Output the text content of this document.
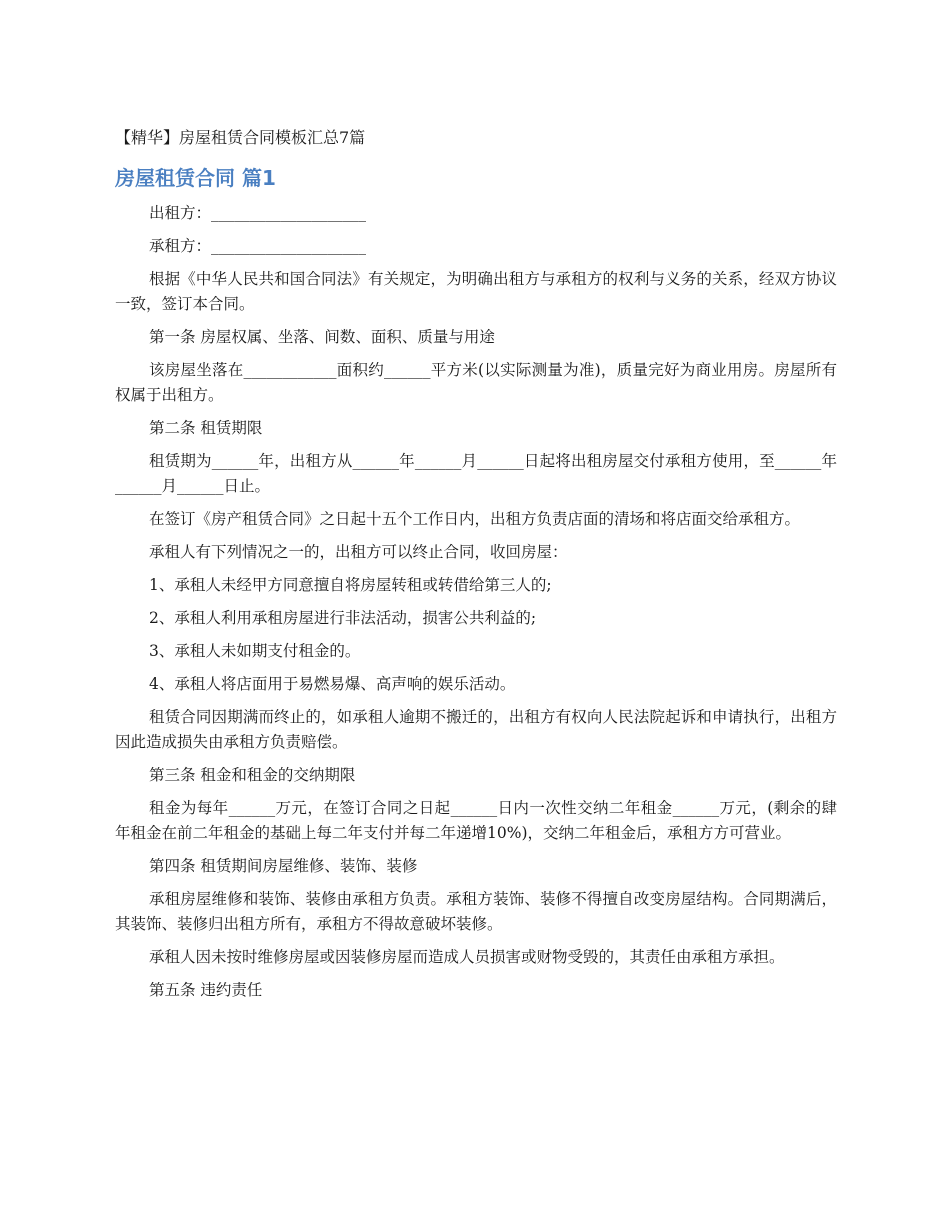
【精华】房屋租赁合同模板汇总7篇
房屋租赁合同 篇1

出租方：____________________

承租方：____________________

根据《中华人民共和国合同法》有关规定，为明确出租方与承租方的权利与义务的关系，经双方协议一致，签订本合同。

第一条 房屋权属、坐落、间数、面积、质量与用途

该房屋坐落在____________面积约______平方米(以实际测量为准)，质量完好为商业用房。房屋所有权属于出租方。

第二条 租赁期限

租赁期为______年，出租方从______年______月______日起将出租房屋交付承租方使用，至______年______月______日止。

在签订《房产租赁合同》之日起十五个工作日内，出租方负责店面的清场和将店面交给承租方。

承租人有下列情况之一的，出租方可以终止合同，收回房屋：

1、承租人未经甲方同意擅自将房屋转租或转借给第三人的;

2、承租人利用承租房屋进行非法活动，损害公共利益的;

3、承租人未如期支付租金的。

4、承租人将店面用于易燃易爆、高声响的娱乐活动。

租赁合同因期满而终止的，如承租人逾期不搬迁的，出租方有权向人民法院起诉和申请执行，出租方因此造成损失由承租方负责赔偿。

第三条 租金和租金的交纳期限

租金为每年______万元，在签订合同之日起______日内一次性交纳二年租金______万元，(剩余的肆年租金在前二年租金的基础上每二年支付并每二年递增10%)，交纳二年租金后，承租方方可营业。

第四条 租赁期间房屋维修、装饰、装修

承租房屋维修和装饰、装修由承租方负责。承租方装饰、装修不得擅自改变房屋结构。合同期满后，其装饰、装修归出租方所有，承租方不得故意破坏装修。

承租人因未按时维修房屋或因装修房屋而造成人员损害或财物受毁的，其责任由承租方承担。

第五条 违约责任
